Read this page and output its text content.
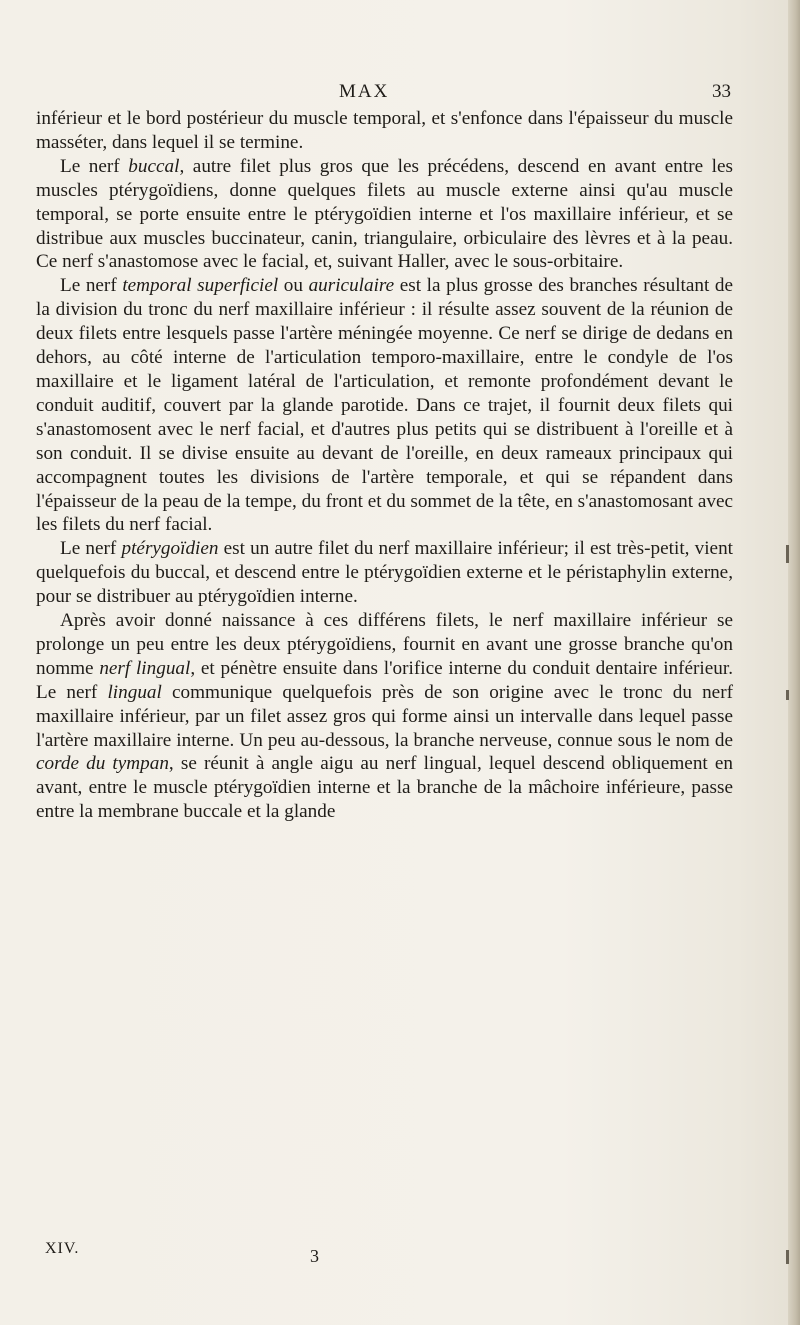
MAX	33

inférieur et le bord postérieur du muscle temporal, et s'enfonce dans l'épaisseur du muscle masséter, dans lequel il se termine.

Le nerf buccal, autre filet plus gros que les précédens, descend en avant entre les muscles ptérygoïdiens, donne quelques filets au muscle externe ainsi qu'au muscle temporal, se porte ensuite entre le ptérygoïdien interne et l'os maxillaire inférieur, et se distribue aux muscles buccinateur, canin, triangulaire, orbiculaire des lèvres et à la peau. Ce nerf s'anastomose avec le facial, et, suivant Haller, avec le sous-orbitaire.

Le nerf temporal superficiel ou auriculaire est la plus grosse des branches résultant de la division du tronc du nerf maxillaire inférieur : il résulte assez souvent de la réunion de deux filets entre lesquels passe l'artère méningée moyenne. Ce nerf se dirige de dedans en dehors, au côté interne de l'articulation temporo-maxillaire, entre le condyle de l'os maxillaire et le ligament latéral de l'articulation, et remonte profondément devant le conduit auditif, couvert par la glande parotide. Dans ce trajet, il fournit deux filets qui s'anastomosent avec le nerf facial, et d'autres plus petits qui se distribuent à l'oreille et à son conduit. Il se divise ensuite au devant de l'oreille, en deux rameaux principaux qui accompagnent toutes les divisions de l'artère temporale, et qui se répandent dans l'épaisseur de la peau de la tempe, du front et du sommet de la tête, en s'anastomosant avec les filets du nerf facial.

Le nerf ptérygoïdien est un autre filet du nerf maxillaire inférieur; il est très-petit, vient quelquefois du buccal, et descend entre le ptérygoïdien externe et le péristaphylin externe, pour se distribuer au ptérygoïdien interne.

Après avoir donné naissance à ces différens filets, le nerf maxillaire inférieur se prolonge un peu entre les deux ptérygoïdiens, fournit en avant une grosse branche qu'on nomme nerf lingual, et pénètre ensuite dans l'orifice interne du conduit dentaire inférieur. Le nerf lingual communique quelquefois près de son origine avec le tronc du nerf maxillaire inférieur, par un filet assez gros qui forme ainsi un intervalle dans lequel passe l'artère maxillaire interne. Un peu au-dessous, la branche nerveuse, connue sous le nom de corde du tympan, se réunit à angle aigu au nerf lingual, lequel descend obliquement en avant, entre le muscle ptérygoïdien interne et la branche de la mâchoire inférieure, passe entre la membrane buccale et la glande

XIV.	3
